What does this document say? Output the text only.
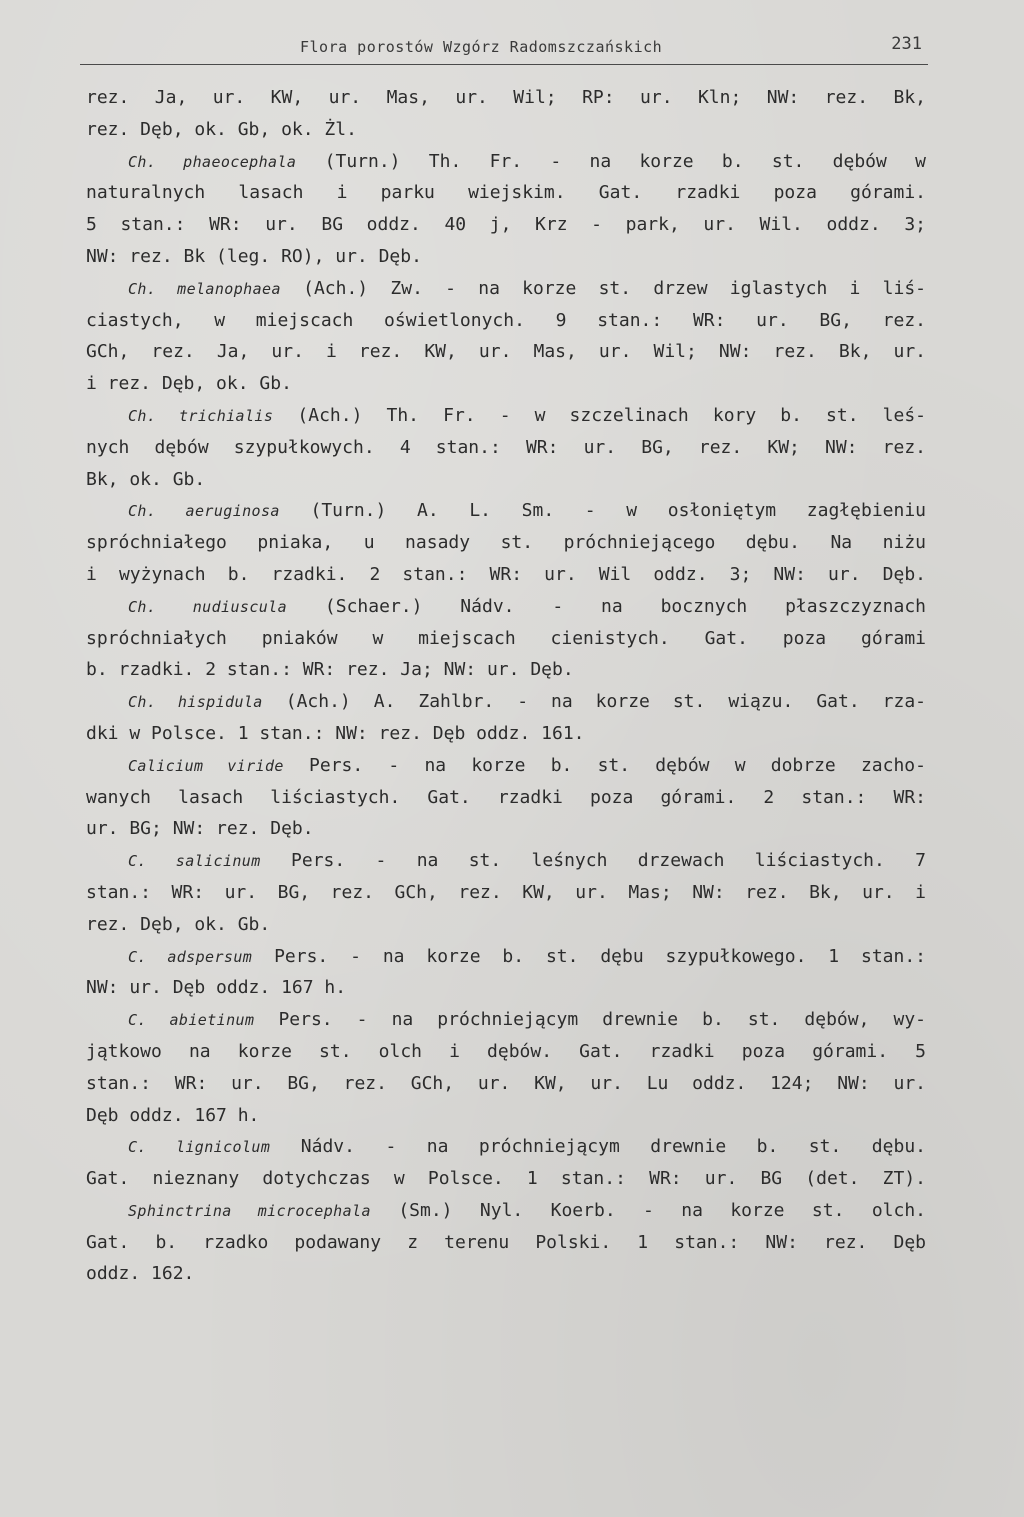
Flora porostów Wzgórz Radomszczańskich	231
rez. Ja, ur. KW, ur. Mas, ur. Wil; RP: ur. Kln; NW: rez. Bk,
rez. Dęb, ok. Gb, ok. Żl.
Ch. phaeocephala (Turn.) Th. Fr. - na korze b. st. dębów w
naturalnych lasach i parku wiejskim. Gat. rzadki poza górami.
5 stan.: WR: ur. BG oddz. 40 j, Krz - park, ur. Wil. oddz. 3;
NW: rez. Bk (leg. RO), ur. Dęb.
Ch. melanophaea (Ach.) Zw. - na korze st. drzew iglastych i liś-
ciastych, w miejscach oświetlonych. 9 stan.: WR: ur. BG, rez.
GCh, rez. Ja, ur. i rez. KW, ur. Mas, ur. Wil; NW: rez. Bk, ur.
i rez. Dęb, ok. Gb.
Ch. trichialis (Ach.) Th. Fr. - w szczelinach kory b. st. leś-
nych dębów szypułkowych. 4 stan.: WR: ur. BG, rez. KW; NW: rez.
Bk, ok. Gb.
Ch. aeruginosa (Turn.) A. L. Sm. - w osłoniętym zagłębieniu
spróchniałego pniaka, u nasady st. próchniejącego dębu. Na niżu
i wyżynach b. rzadki. 2 stan.: WR: ur. Wil oddz. 3; NW: ur. Dęb.
Ch. nudiuscula (Schaer.) Nádv. - na bocznych płaszczyznach
spróchniałych pniaków w miejscach cienistych. Gat. poza górami
b. rzadki. 2 stan.: WR: rez. Ja; NW: ur. Dęb.
Ch. hispidula (Ach.) A. Zahlbr. - na korze st. wiązu. Gat. rza-
dki w Polsce. 1 stan.: NW: rez. Dęb oddz. 161.
Calicium viride Pers. - na korze b. st. dębów w dobrze zacho-
wanych lasach liściastych. Gat. rzadki poza górami. 2 stan.: WR:
ur. BG; NW: rez. Dęb.
C. salicinum Pers. - na st. leśnych drzewach liściastych. 7
stan.: WR: ur. BG, rez. GCh, rez. KW, ur. Mas; NW: rez. Bk, ur. i
rez. Dęb, ok. Gb.
C. adspersum Pers. - na korze b. st. dębu szypułkowego. 1 stan.:
NW: ur. Dęb oddz. 167 h.
C. abietinum Pers. - na próchniejącym drewnie b. st. dębów, wy-
jątkowo na korze st. olch i dębów. Gat. rzadki poza górami. 5
stan.: WR: ur. BG, rez. GCh, ur. KW, ur. Lu oddz. 124; NW: ur.
Dęb oddz. 167 h.
C. lignicolum Nádv. - na próchniejącym drewnie b. st. dębu.
Gat. nieznany dotychczas w Polsce. 1 stan.: WR: ur. BG (det. ZT).
Sphinctrina microcephala (Sm.) Nyl. Koerb. - na korze st. olch.
Gat. b. rzadko podawany z terenu Polski. 1 stan.: NW: rez. Dęb
oddz. 162.
